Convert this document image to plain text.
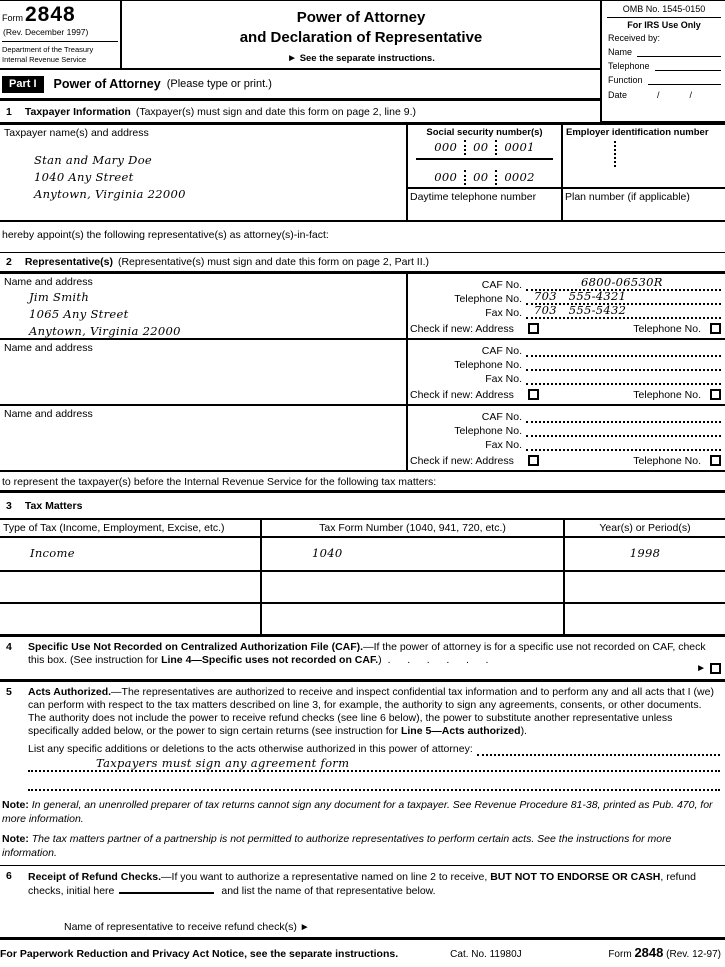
OMB No. 1545-0150
For IRS Use Only
Received by:
Name
Telephone
Function
Date	/	/
Form2848
(Rev. December 1997)
Department of the Treasury
Internal Revenue Service
Power of Attorney
and Declaration of Representative
► See the separate instructions.
Part I	Power of Attorney (Please type or print.)
1 Taxpayer Information (Taxpayer(s) must sign and date this form on page 2, line 9.)
Taxpayer name(s) and address
Stan and Mary Doe
1040 Any Street
Anytown, Virginia 22000
Social security number(s)
000 00 0001
000 00 0002
Daytime telephone number
Employer identification number
Plan number (if applicable)
hereby appoint(s) the following representative(s) as attorney(s)-in-fact:
2 Representative(s) (Representative(s) must sign and date this form on page 2, Part II.)
Name and address
Jim Smith
1065 Any Street
Anytown, Virginia 22000
CAF No.	6800-06530R
Telephone No.	703   555-4321
Fax No.	703   555-5432
Check if new: Address	Telephone No.
Name and address	CAF No.
Telephone No.
Fax No.
Check if new: Address	Telephone No.
Name and address	CAF No.
Telephone No.
Fax No.
Check if new: Address	Telephone No.
to represent the taxpayer(s) before the Internal Revenue Service for the following tax matters:
3 Tax Matters
Type of Tax (Income, Employment, Excise, etc.)	Tax Form Number (1040, 941, 720, etc.)	Year(s) or Period(s)
Income	1040	1998
4	Specific Use Not Recorded on Centralized Authorization File (CAF).—If the power of attorney is for a specific use not recorded on CAF, check this box. (See instruction for Line 4—Specific uses not recorded on CAF.) .    .    .    .    .    .
►
5	Acts Authorized.—The representatives are authorized to receive and inspect confidential tax information and to perform any and all acts that I (we) can perform with respect to the tax matters described on line 3, for example, the authority to sign any agreements, consents, or other documents. The authority does not include the power to receive refund checks (see line 6 below), the power to substitute another representative unless specifically added below, or the power to sign certain returns (see instruction for Line 5—Acts authorized).
List any specific additions or deletions to the acts otherwise authorized in this power of attorney:
Taxpayers must sign any agreement form
Note: In general, an unenrolled preparer of tax returns cannot sign any document for a taxpayer. See Revenue Procedure 81-38, printed as Pub. 470, for more information.
Note: The tax matters partner of a partnership is not permitted to authorize representatives to perform certain acts. See the instructions for more information.
6	Receipt of Refund Checks.—If you want to authorize a representative named on line 2 to receive, BUT NOT TO ENDORSE OR CASH, refund checks, initial here	and list the name of that representative below.
Name of representative to receive refund check(s) ►
For Paperwork Reduction and Privacy Act Notice, see the separate instructions.	Cat. No. 11980J	Form 2848 (Rev. 12-97)
